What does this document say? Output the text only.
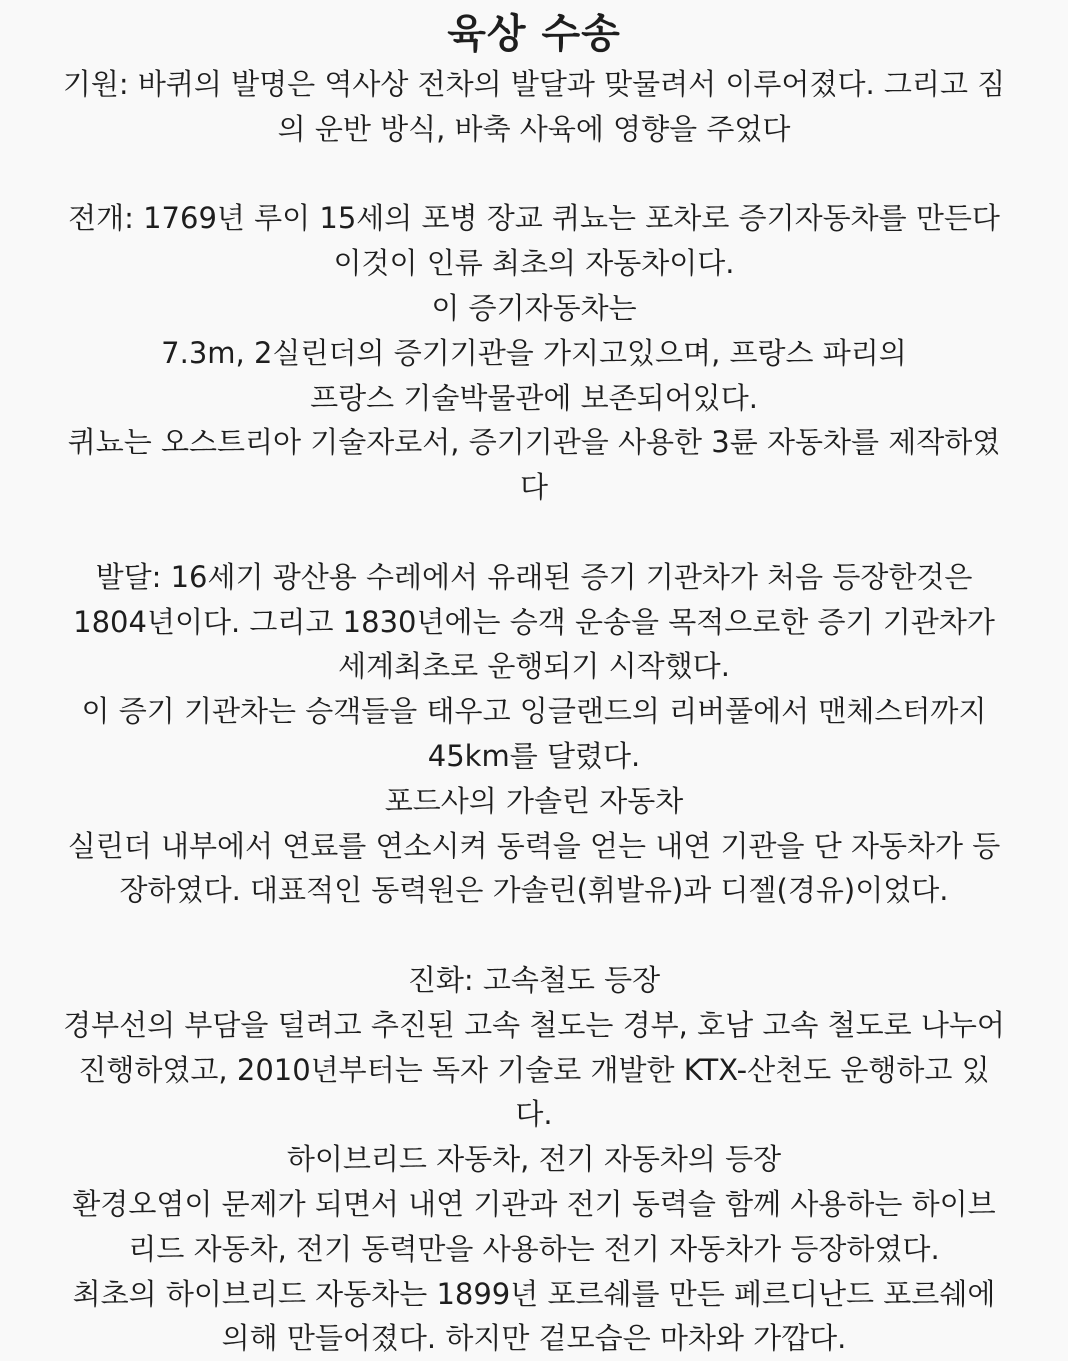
육상 수송

기원: 바퀴의 발명은 역사상 전차의 발달과 맞물려서 이루어졌다. 그리고 짐

의 운반 방식, 바축 사육에 영향을 주었다

전개: 1769년 루이 15세의 포병 장교 퀴뇨는 포차로 증기자동차를 만든다

이것이 인류 최초의 자동차이다.

이 증기자동차는

7.3m, 2실린더의 증기기관을 가지고있으며, 프랑스 파리의

프랑스 기술박물관에 보존되어있다.

퀴뇨는 오스트리아 기술자로서, 증기기관을 사용한 3륜 자동차를 제작하였

다

발달: 16세기 광산용 수레에서 유래된 증기 기관차가 처음 등장한것은

1804년이다. 그리고 1830년에는 승객 운송을 목적으로한 증기 기관차가

세계최초로 운행되기 시작했다.

이 증기 기관차는 승객들을 태우고 잉글랜드의 리버풀에서 맨체스터까지

45km를 달렸다.

포드사의 가솔린 자동차

실린더 내부에서 연료를 연소시켜 동력을 얻는 내연 기관을 단 자동차가 등

장하였다. 대표적인 동력원은 가솔린(휘발유)과 디젤(경유)이었다.

진화: 고속철도 등장

경부선의 부담을 덜려고 추진된 고속 철도는 경부, 호남 고속 철도로 나누어

진행하였고, 2010년부터는 독자 기술로 개발한 KTX-산천도 운행하고 있

다.

하이브리드 자동차, 전기 자동차의 등장

환경오염이 문제가 되면서 내연 기관과 전기 동력슬 함께 사용하는 하이브

리드 자동차, 전기 동력만을 사용하는 전기 자동차가 등장하였다.

최초의 하이브리드 자동차는 1899년 포르쉐를 만든 페르디난드 포르쉐에

의해 만들어졌다. 하지만 겉모습은 마차와 가깝다.
